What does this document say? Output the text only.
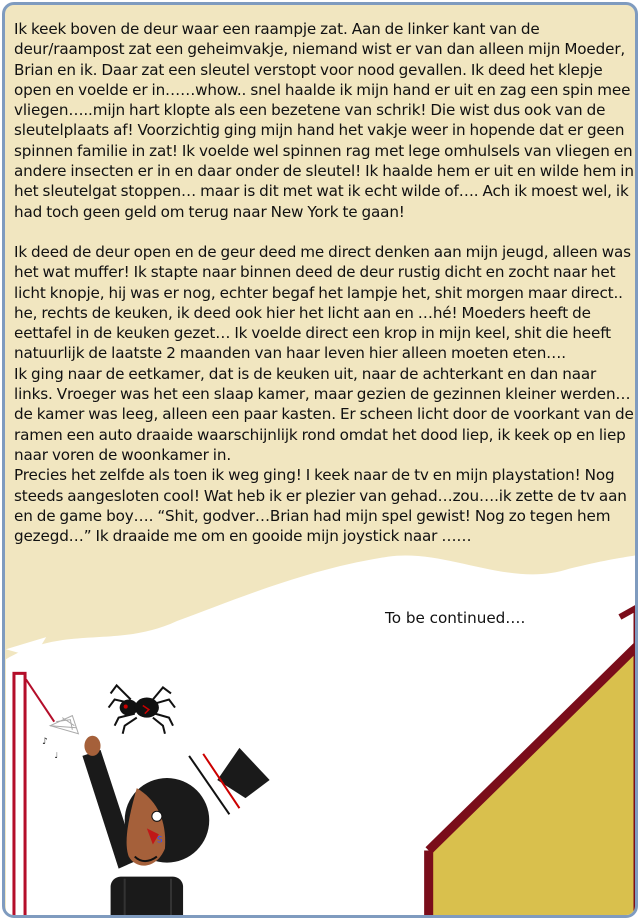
♪
♩
S

Ik keek boven de deur waar een raampje zat. Aan de linker kant van de deur/raampost zat een geheimvakje, niemand wist er van dan alleen mijn Moeder, Brian en ik. Daar zat een sleutel verstopt voor nood gevallen. Ik deed het klepje open en voelde er in……whow.. snel haalde ik mijn hand er uit en zag een spin mee vliegen…..mijn hart klopte als een bezetene van schrik! Die wist dus ook van de sleutelplaats af! Voorzichtig ging mijn hand het vakje weer in hopende dat er geen spinnen familie in zat! Ik voelde wel spinnen rag met lege omhulsels van vliegen en andere insecten er in en daar onder de sleutel! Ik haalde hem er uit en wilde hem in het sleutelgat stoppen… maar is dit met wat ik echt wilde of…. Ach ik moest wel, ik had toch geen geld om terug naar New York te gaan!

Ik deed de deur open en de geur deed me direct denken aan mijn jeugd, alleen was het wat muffer! Ik stapte naar binnen deed de deur rustig dicht en zocht naar het licht knopje, hij was er nog, echter begaf het lampje het, shit morgen maar direct.. he, rechts de keuken, ik deed ook hier het licht aan en …hé! Moeders heeft de eettafel in de keuken gezet… Ik voelde direct een krop in mijn keel, shit die heeft natuurlijk de laatste 2 maanden van haar leven hier alleen moeten eten….

Ik ging naar de eetkamer, dat is de keuken uit, naar de achterkant en dan naar links. Vroeger was het een slaap kamer, maar gezien de gezinnen kleiner werden… de kamer was leeg, alleen een paar kasten. Er scheen licht door de voorkant van de ramen een auto draaide waarschijnlijk rond omdat het dood liep, ik keek op en liep naar voren de woonkamer in.

Precies het zelfde als toen ik weg ging! I keek naar de tv en mijn playstation! Nog steeds aangesloten cool! Wat heb ik er plezier van gehad…zou….ik zette de tv aan en de game boy…. “Shit, godver…Brian had mijn spel gewist! Nog zo tegen hem gezegd…” Ik draaide me om en gooide mijn joystick naar ……

To be continued….
